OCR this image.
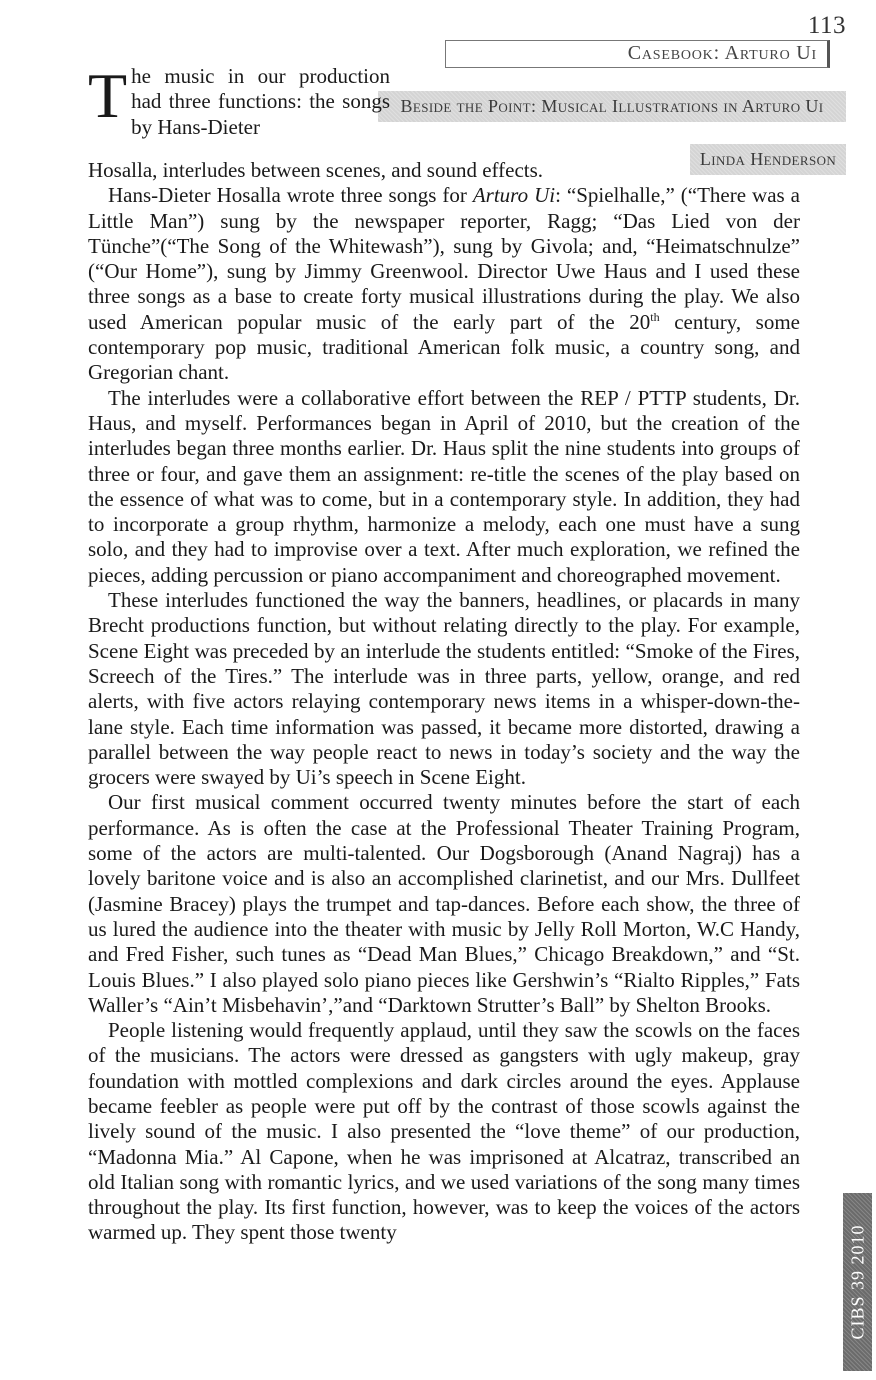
113
Casebook: Arturo Ui
Beside the Point: Musical Illustrations in Arturo Ui
Linda Henderson
The music in our production had three functions: the songs by Hans-Dieter

Hosalla, interludes between scenes, and sound effects.

Hans-Dieter Hosalla wrote three songs for Arturo Ui: “Spielhalle,” (“There was a Little Man”) sung by the newspaper reporter, Ragg; “Das Lied von der Tünche”(“The Song of the Whitewash”), sung by Givola; and, “Heimatschnulze” (“Our Home”), sung by Jimmy Greenwool. Director Uwe Haus and I used these three songs as a base to create forty musical illustrations during the play. We also used American popular music of the early part of the 20th century, some contemporary pop music, traditional American folk music, a country song, and Gregorian chant.

The interludes were a collaborative effort between the REP / PTTP students, Dr. Haus, and myself. Performances began in April of 2010, but the creation of the interludes began three months earlier. Dr. Haus split the nine students into groups of three or four, and gave them an assignment: re-title the scenes of the play based on the essence of what was to come, but in a contemporary style. In addition, they had to incorporate a group rhythm, harmonize a melody, each one must have a sung solo, and they had to improvise over a text. After much exploration, we refined the pieces, adding percussion or piano accompaniment and choreographed movement.

These interludes functioned the way the banners, headlines, or placards in many Brecht productions function, but without relating directly to the play. For example, Scene Eight was preceded by an interlude the students entitled: “Smoke of the Fires, Screech of the Tires.” The interlude was in three parts, yellow, orange, and red alerts, with five actors relaying contemporary news items in a whisper-down-the-lane style. Each time information was passed, it became more distorted, drawing a parallel between the way people react to news in today’s society and the way the grocers were swayed by Ui’s speech in Scene Eight.

Our first musical comment occurred twenty minutes before the start of each performance. As is often the case at the Professional Theater Training Program, some of the actors are multi-talented. Our Dogsborough (Anand Nagraj) has a lovely baritone voice and is also an accomplished clarinetist, and our Mrs. Dullfeet (Jasmine Bracey) plays the trumpet and tap-dances. Before each show, the three of us lured the audience into the theater with music by Jelly Roll Morton, W.C Handy, and Fred Fisher, such tunes as “Dead Man Blues,” Chicago Breakdown,” and “St. Louis Blues.” I also played solo piano pieces like Gershwin’s “Rialto Ripples,” Fats Waller’s “Ain’t Misbehavin’,”and “Darktown Strutter’s Ball” by Shelton Brooks.

People listening would frequently applaud, until they saw the scowls on the faces of the musicians. The actors were dressed as gangsters with ugly makeup, gray foundation with mottled complexions and dark circles around the eyes. Applause became feebler as people were put off by the contrast of those scowls against the lively sound of the music. I also presented the “love theme” of our production, “Madonna Mia.” Al Capone, when he was imprisoned at Alcatraz, transcribed an old Italian song with romantic lyrics, and we used variations of the song many times throughout the play. Its first function, however, was to keep the voices of the actors warmed up. They spent those twenty	CIBS 39 2010
